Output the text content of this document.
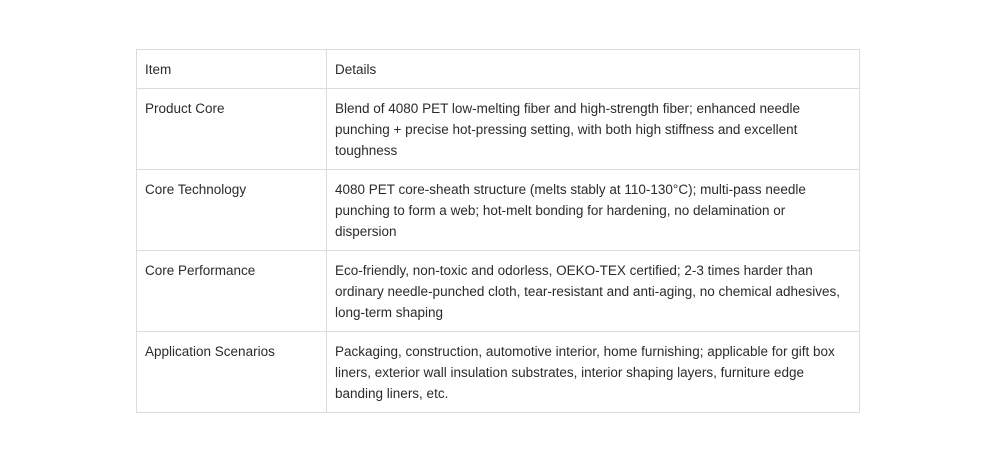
Item	Details
Product Core	Blend of 4080 PET low-melting fiber and high-strength fiber; enhanced needle punching + precise hot-pressing setting, with both high stiffness and excellent toughness
Core Technology	4080 PET core-sheath structure (melts stably at 110-130°C); multi-pass needle punching to form a web; hot-melt bonding for hardening, no delamination or dispersion
Core Performance	Eco-friendly, non-toxic and odorless, OEKO-TEX certified; 2-3 times harder than ordinary needle-punched cloth, tear-resistant and anti-aging, no chemical adhesives, long-term shaping
Application Scenarios	Packaging, construction, automotive interior, home furnishing; applicable for gift box liners, exterior wall insulation substrates, interior shaping layers, furniture edge banding liners, etc.
